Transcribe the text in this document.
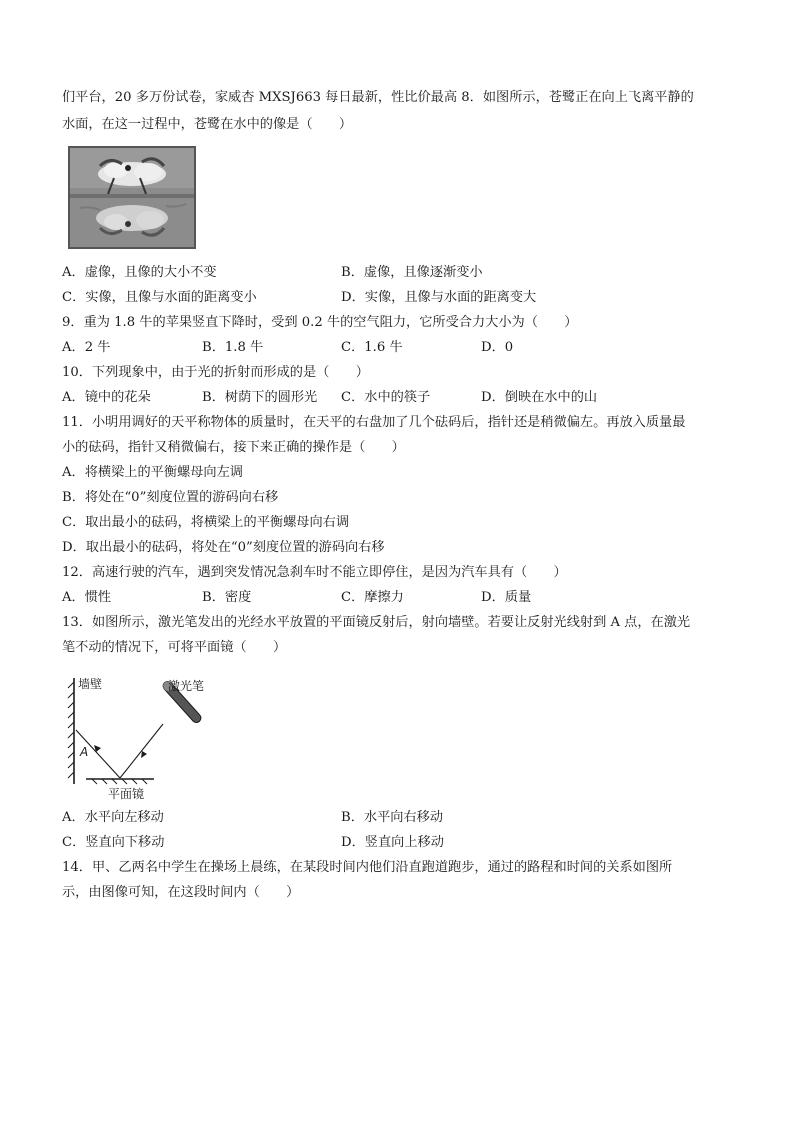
们平台，20 多万份试卷，家威杏 MXSJ663 每日最新，性比价最高 8．如图所示，苍鹭正在向上飞离平静的
水面，在这一过程中，苍鹭在水中的像是（　　）
A．虚像，且像的大小不变	B．虚像，且像逐渐变小
C．实像，且像与水面的距离变小	D．实像，且像与水面的距离变大
9．重为 1.8 牛的苹果竖直下降时，受到 0.2 牛的空气阻力，它所受合力大小为（　　）
A．2 牛	B．1.8 牛	C．1.6 牛	D．0
10．下列现象中，由于光的折射而形成的是（　　）
A．镜中的花朵	B．树荫下的圆形光 C．水中的筷子	D．倒映在水中的山
11．小明用调好的天平称物体的质量时，在天平的右盘加了几个砝码后，指针还是稍微偏左。再放入质量最
小的砝码，指针又稍微偏右，接下来正确的操作是（　　）
A．将横梁上的平衡螺母向左调
B．将处在“0”刻度位置的游码向右移
C．取出最小的砝码，将横梁上的平衡螺母向右调
D．取出最小的砝码，将处在“0”刻度位置的游码向右移
12．高速行驶的汽车，遇到突发情况急刹车时不能立即停住，是因为汽车具有（　　）
A．惯性	B．密度	C．摩擦力	D．质量
13．如图所示，激光笔发出的光经水平放置的平面镜反射后，射向墙壁。若要让反射光线射到 A 点，在激光
笔不动的情况下，可将平面镜（　　）
墙壁
平面镜
激光笔
A
A．水平向左移动	B．水平向右移动
C．竖直向下移动	D．竖直向上移动
14．甲、乙两名中学生在操场上晨练，在某段时间内他们沿直跑道跑步，通过的路程和时间的关系如图所
示，由图像可知，在这段时间内（　　）
